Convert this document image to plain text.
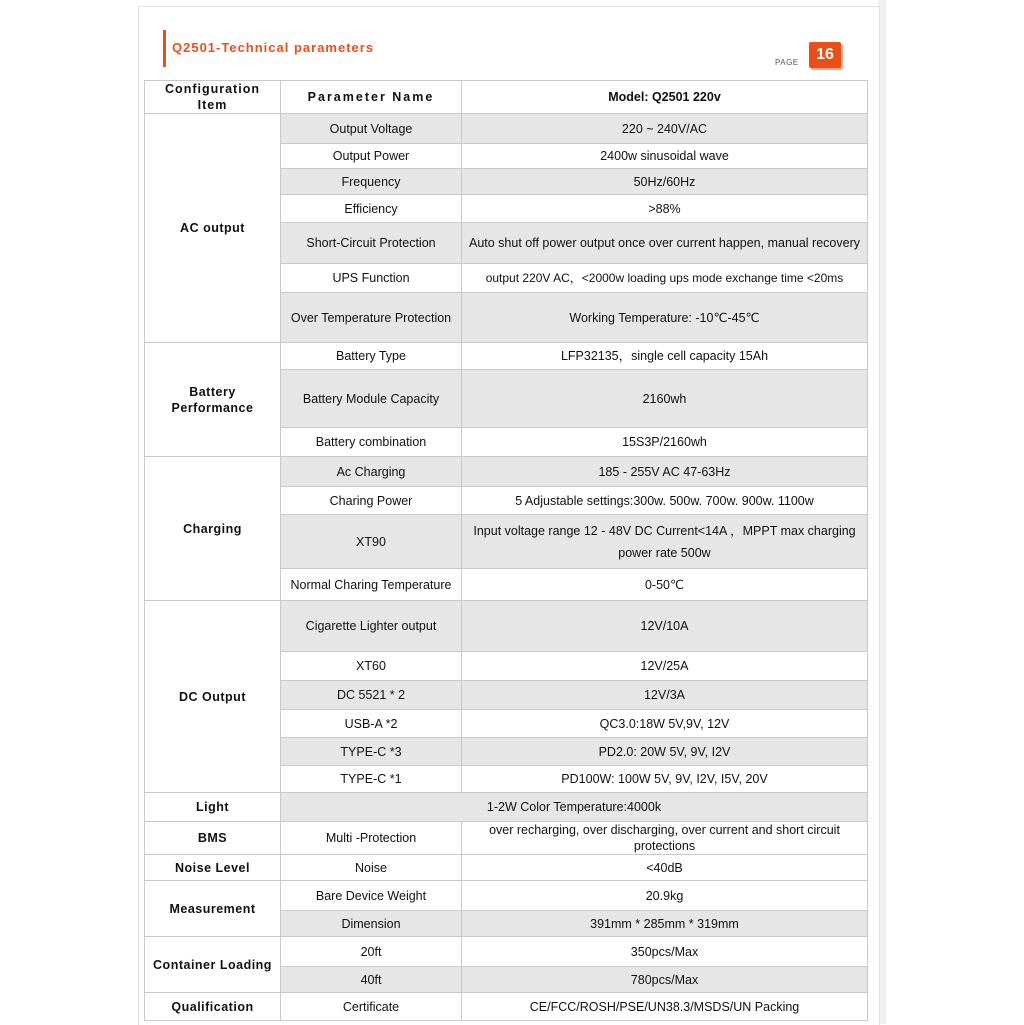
Q2501-Technical parameters
PAGE	16
Configuration Item	Parameter Name	Model: Q2501 220v
AC output	Output Voltage	220 ~ 240V/AC
	Output Power	2400w sinusoidal wave
	Frequency	50Hz/60Hz
	Efficiency	>88%
	Short-Circuit Protection	Auto shut off power output once over current happen, manual recovery
	UPS Function	output 220V AC，<2000w loading ups mode exchange time <20ms
	Over Temperature Protection	Working Temperature: -10℃-45℃
Battery Performance	Battery Type	LFP32135，single cell capacity 15Ah
	Battery Module Capacity	2160wh
	Battery combination	15S3P/2160wh
Charging	Ac Charging	185 - 255V AC 47-63Hz
	Charing Power	5 Adjustable settings:300w. 500w. 700w. 900w. 1100w
	XT90	Input voltage range 12 - 48V DC Current<14A ，MPPT max charging power rate 500w
	Normal Charing Temperature	0-50℃
DC Output	Cigarette Lighter output	12V/10A
	XT60	12V/25A
	DC 5521 * 2	12V/3A
	USB-A *2	QC3.0:18W 5V,9V, 12V
	TYPE-C *3	PD2.0: 20W 5V, 9V, I2V
	TYPE-C *1	PD100W: 100W 5V, 9V, I2V, I5V, 20V
Light	1-2W Color Temperature:4000k	
BMS	Multi -Protection	over recharging, over discharging, over current and short circuit protections
Noise Level	Noise	<40dB
Measurement	Bare Device Weight	20.9kg
	Dimension	391mm * 285mm * 319mm
Container Loading	20ft	350pcs/Max
	40ft	780pcs/Max
Qualification	Certificate	CE/FCC/ROSH/PSE/UN38.3/MSDS/UN Packing
